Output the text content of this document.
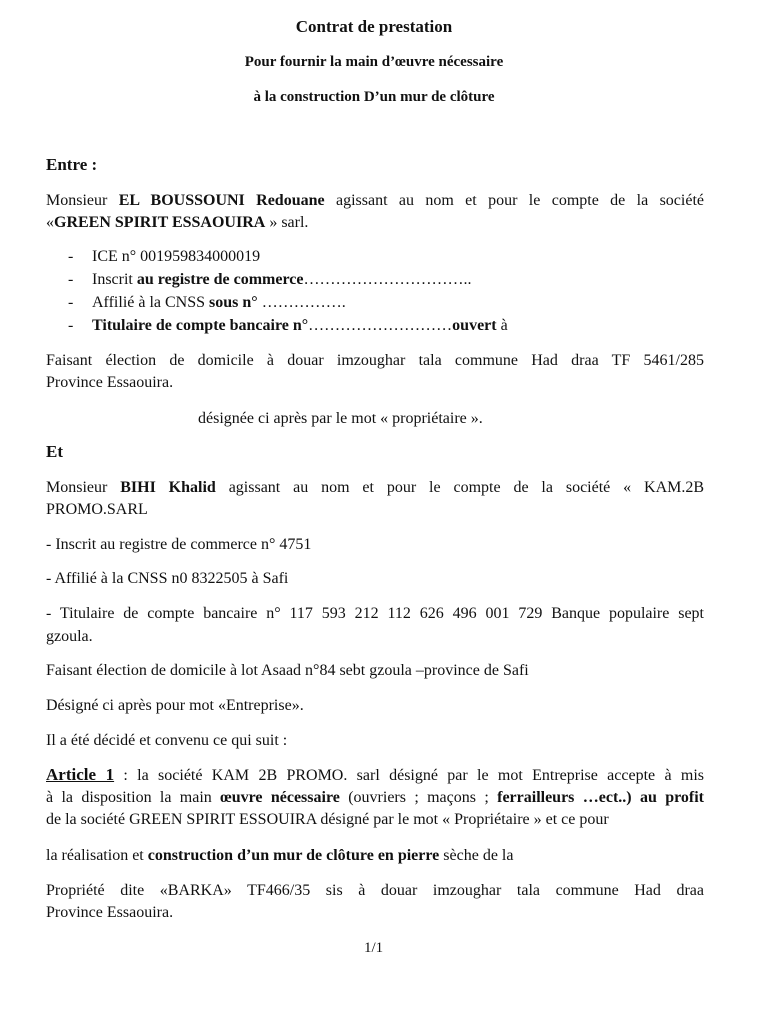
Contrat de prestation
Pour fournir la main d’œuvre nécessaire
à la construction D’un mur de clôture
Entre :
Monsieur EL BOUSSOUNI Redouane agissant au nom et pour le compte de la société
«GREEN SPIRIT ESSAOUIRA » sarl.
- ICE n° 001959834000019
- Inscrit au registre de commerce…………………………..
- Affilié à la CNSS sous n° …………….
- Titulaire de compte bancaire n°………………………ouvert à
Faisant élection de domicile à douar imzoughar tala commune Had draa TF 5461/285
Province Essaouira.
désignée ci après par le mot « propriétaire ».
Et
Monsieur BIHI Khalid agissant au nom et pour le compte de la société « KAM.2B
PROMO.SARL
- Inscrit au registre de commerce n° 4751
- Affilié à la CNSS n0 8322505 à Safi
- Titulaire de compte bancaire n° 117 593 212 112 626 496 001 729 Banque populaire sept
gzoula.
Faisant élection de domicile à lot Asaad n°84 sebt gzoula –province de Safi
Désigné ci après pour mot «Entreprise».
Il a été décidé et convenu ce qui suit :
Article 1 : la société KAM 2B PROMO. sarl désigné par le mot Entreprise accepte à mis
à la disposition la main œuvre nécessaire (ouvriers ; maçons ; ferrailleurs …ect..) au profit
de la société GREEN SPIRIT ESSOUIRA désigné par le mot « Propriétaire » et ce pour
la réalisation et construction d’un mur de clôture en pierre sèche de la
Propriété dite «BARKA» TF466/35 sis à douar imzoughar tala commune Had draa
Province Essaouira.
1/1
